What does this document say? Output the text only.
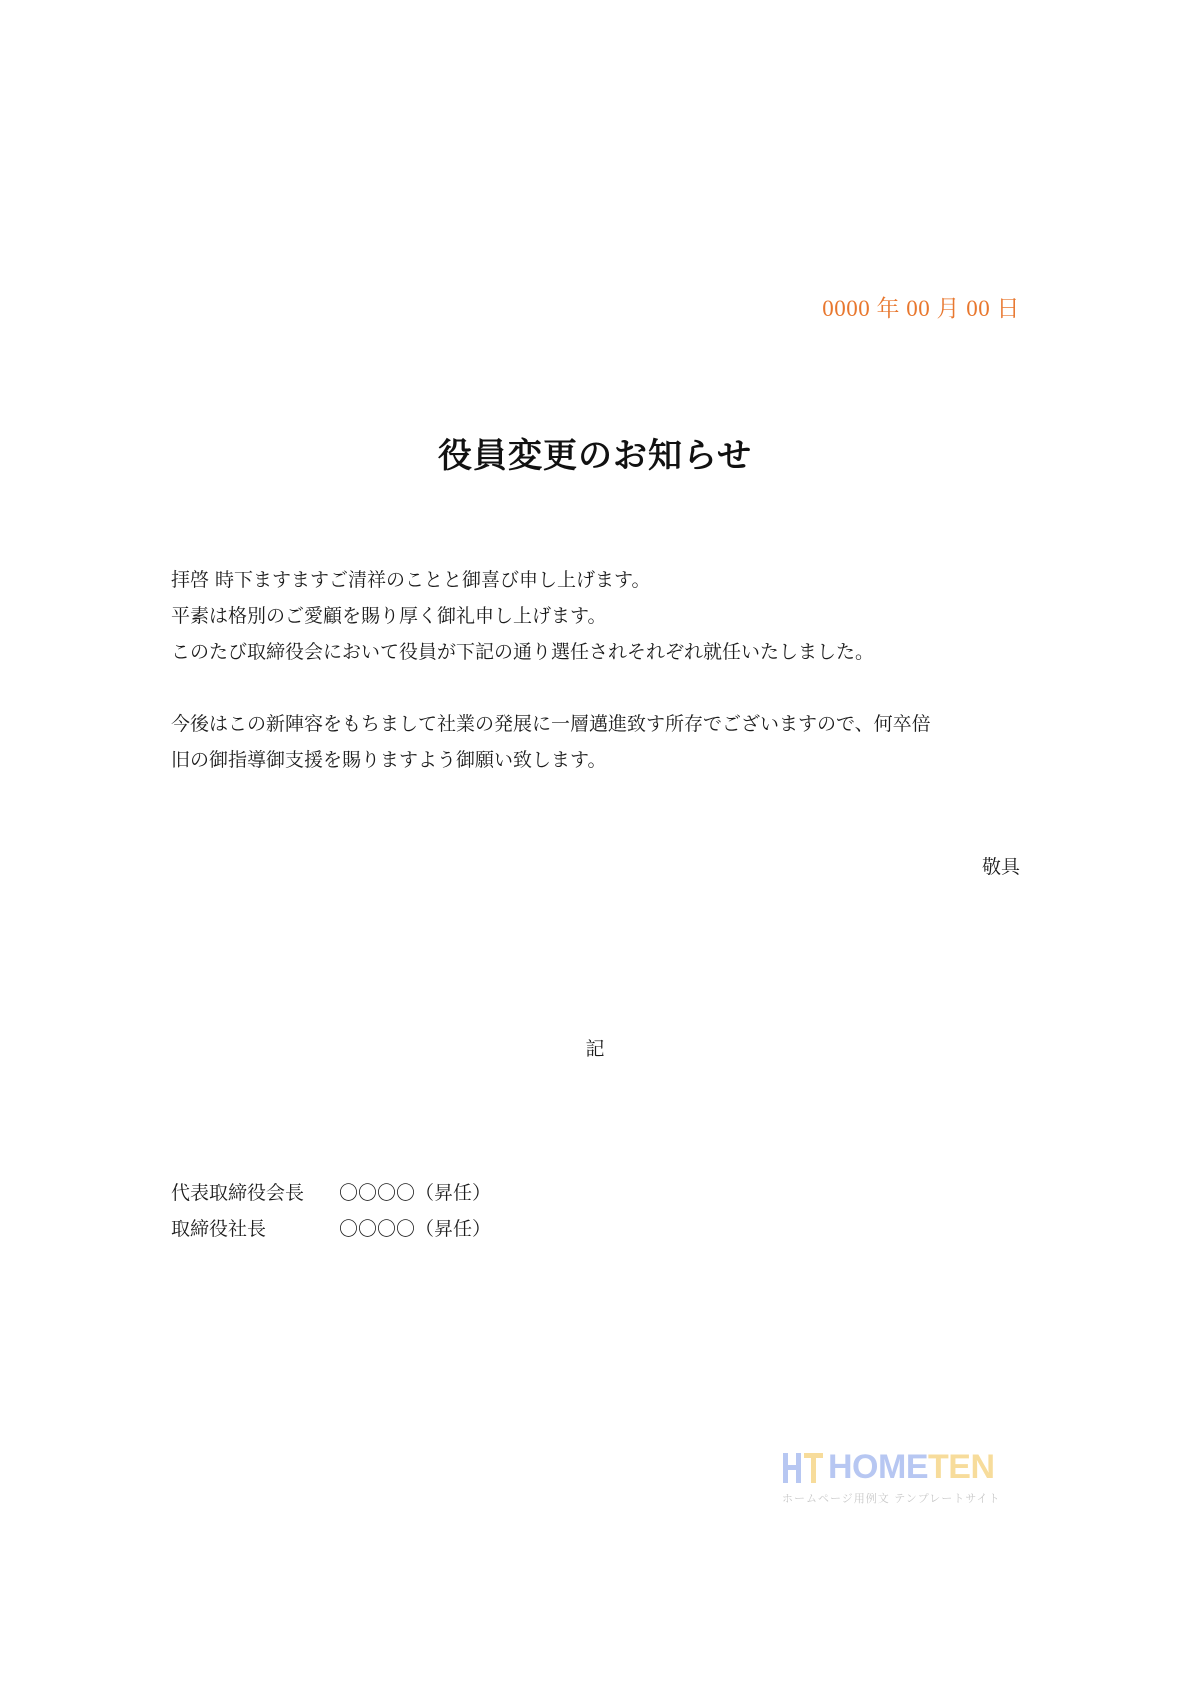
0000 年 00 月 00 日
役員変更のお知らせ

拝啓 時下ますますご清祥のことと御喜び申し上げます。

平素は格別のご愛顧を賜り厚く御礼申し上げます。

このたび取締役会において役員が下記の通り選任されそれぞれ就任いたしました。

今後はこの新陣容をもちまして社業の発展に一層邁進致す所存でございますので、何卒倍

旧の御指導御支援を賜りますよう御願い致します。

敬具
記
代表取締役会長	〇〇〇〇（昇任）
取締役社長	〇〇〇〇（昇任）
HOMETEN
ホームページ用例文 テンプレートサイト
